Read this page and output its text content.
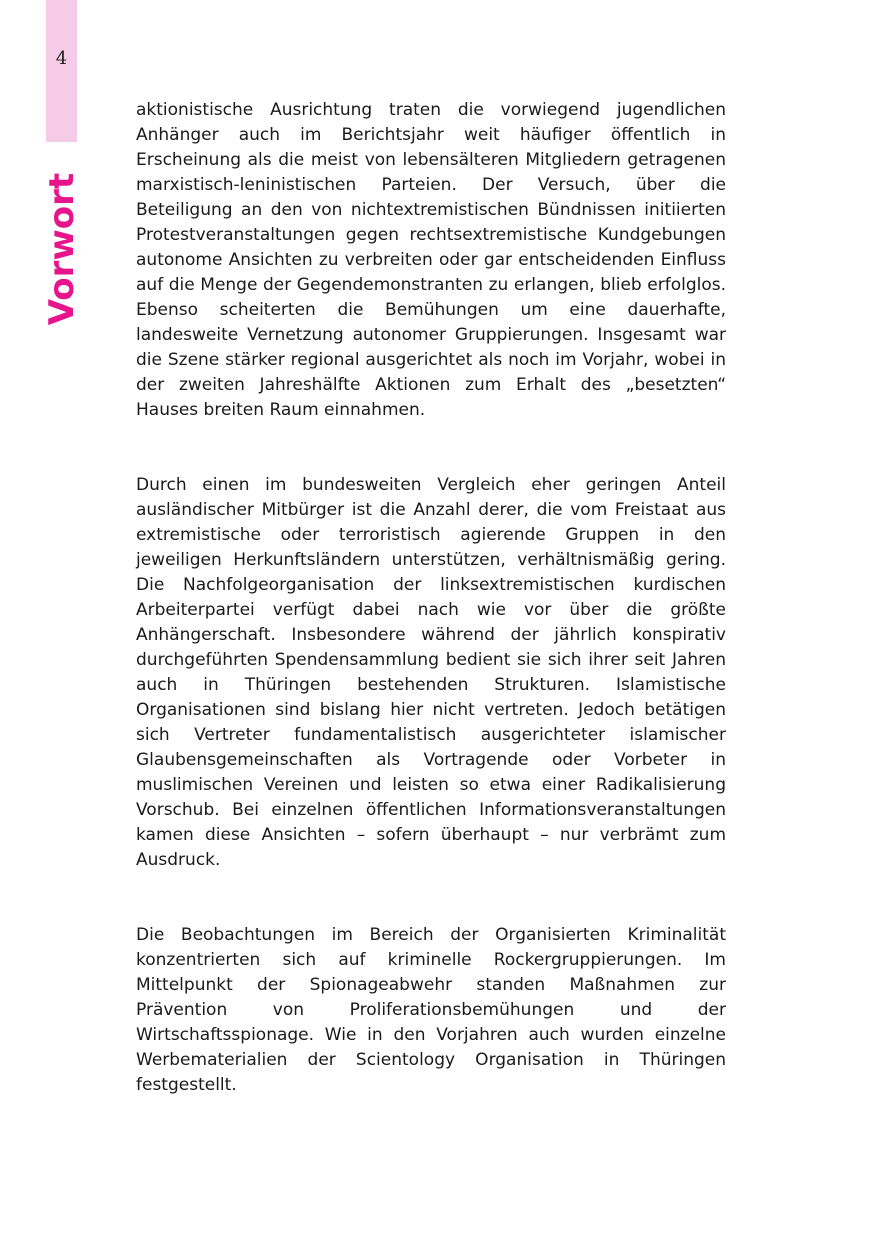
4
Vorwort

aktionistische Ausrichtung traten die vorwiegend jugendlichen Anhänger auch im Berichtsjahr weit häufiger öffentlich in Erscheinung als die meist von lebensälteren Mitgliedern getragenen marxistisch-leninistischen Parteien. Der Versuch, über die Beteiligung an den von nichtextremistischen Bündnissen initiierten Protestveranstaltungen gegen rechtsextremistische Kundgebungen autonome Ansichten zu verbreiten oder gar entscheidenden Einfluss auf die Menge der Gegendemonstranten zu erlangen, blieb erfolglos. Ebenso scheiterten die Bemühungen um eine dauerhafte, landesweite Vernetzung autonomer Gruppierungen. Insgesamt war die Szene stärker regional ausgerichtet als noch im Vorjahr, wobei in der zweiten Jahreshälfte Aktionen zum Erhalt des „besetzten“ Hauses breiten Raum einnahmen.

Durch einen im bundesweiten Vergleich eher geringen Anteil ausländischer Mitbürger ist die Anzahl derer, die vom Freistaat aus extremistische oder terroristisch agierende Gruppen in den jeweiligen Herkunftsländern unterstützen, verhältnismäßig gering. Die Nachfolgeorganisation der linksextremistischen kurdischen Arbeiterpartei verfügt dabei nach wie vor über die größte Anhängerschaft. Insbesondere während der jährlich konspirativ durchgeführten Spendensammlung bedient sie sich ihrer seit Jahren auch in Thüringen bestehenden Strukturen. Islamistische Organisationen sind bislang hier nicht vertreten. Jedoch betätigen sich Vertreter fundamentalistisch ausgerichteter islamischer Glaubensgemeinschaften als Vortragende oder Vorbeter in muslimischen Vereinen und leisten so etwa einer Radikalisierung Vorschub. Bei einzelnen öffentlichen Informationsveranstaltungen kamen diese Ansichten – sofern überhaupt – nur verbrämt zum Ausdruck.

Die Beobachtungen im Bereich der Organisierten Kriminalität konzentrierten sich auf kriminelle Rockergruppierungen. Im Mittelpunkt der Spionageabwehr standen Maßnahmen zur Prävention von Proliferationsbemühungen und der Wirtschaftsspionage. Wie in den Vorjahren auch wurden einzelne Werbematerialien der Scientology Organisation in Thüringen festgestellt.
